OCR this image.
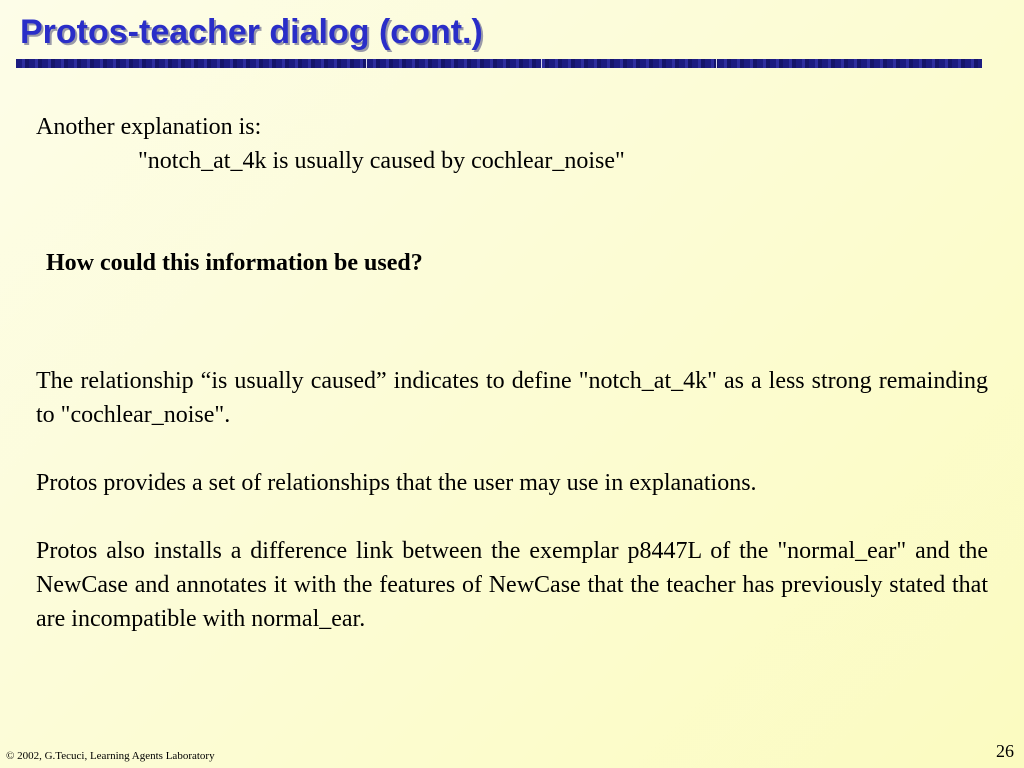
Protos-teacher dialog (cont.)

Another explanation is:

"notch_at_4k is usually caused by cochlear_noise"

How could this information be used?

The relationship “is usually caused” indicates to define "notch_at_4k" as a less strong remainding to "cochlear_noise".

Protos provides a set of relationships that the user may use in explanations.

Protos also installs a difference link between the exemplar p8447L of the "normal_ear" and the NewCase and annotates it with the features of NewCase that the teacher has previously stated that are incompatible with normal_ear.

© 2002, G.Tecuci, Learning Agents Laboratory	26
